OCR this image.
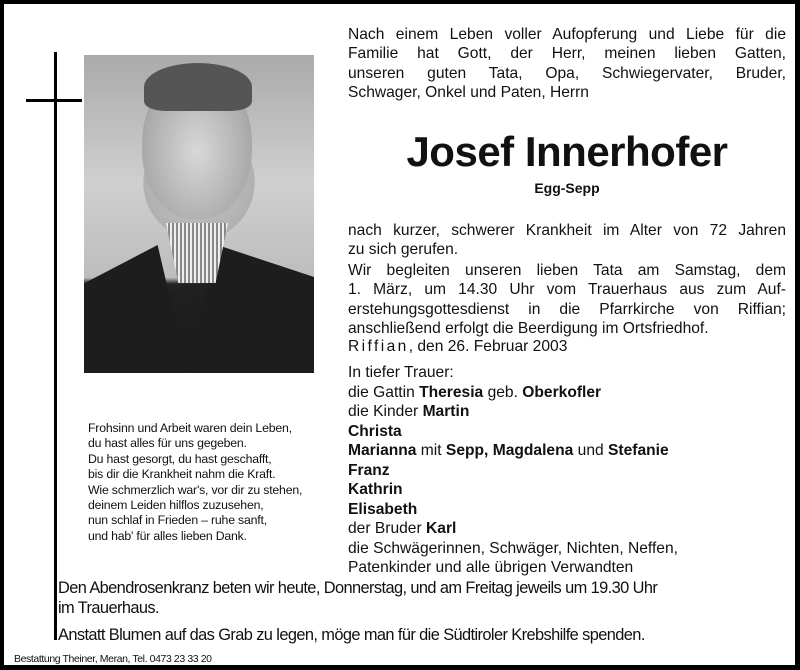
Frohsinn und Arbeit waren dein Leben,
du hast alles für uns gegeben.
Du hast gesorgt, du hast geschafft,
bis dir die Krankheit nahm die Kraft.
Wie schmerzlich war's, vor dir zu stehen,
deinem Leiden hilflos zuzusehen,
nun schlaf in Frieden – ruhe sanft,
und hab' für alles lieben Dank.
Nach einem Leben voller Aufopferung und Liebe für die
Familie hat Gott, der Herr, meinen lieben Gatten,
unseren guten Tata, Opa, Schwiegervater, Bruder,
Schwager, Onkel und Paten, Herrn
Josef Innerhofer
Egg-Sepp
nach kurzer, schwerer Krankheit im Alter von 72 Jahren
zu sich gerufen.
Wir begleiten unseren lieben Tata am Samstag, dem
1. März, um 14.30 Uhr vom Trauerhaus aus zum Auf-
erstehungsgottesdienst in die Pfarrkirche von Riffian;
anschließend erfolgt die Beerdigung im Ortsfriedhof.
Riffian, den 26. Februar 2003
In tiefer Trauer:
die Gattin Theresia geb. Oberkofler
die Kinder Martin
Christa
Marianna mit Sepp, Magdalena und Stefanie
Franz
Kathrin
Elisabeth
der Bruder Karl
die Schwägerinnen, Schwäger, Nichten, Neffen,
Patenkinder und alle übrigen Verwandten
Den Abendrosenkranz beten wir heute, Donnerstag, und am Freitag jeweils um 19.30 Uhr
im Trauerhaus.
Anstatt Blumen auf das Grab zu legen, möge man für die Südtiroler Krebshilfe spenden.
Bestattung Theiner, Meran, Tel. 0473 23 33 20
